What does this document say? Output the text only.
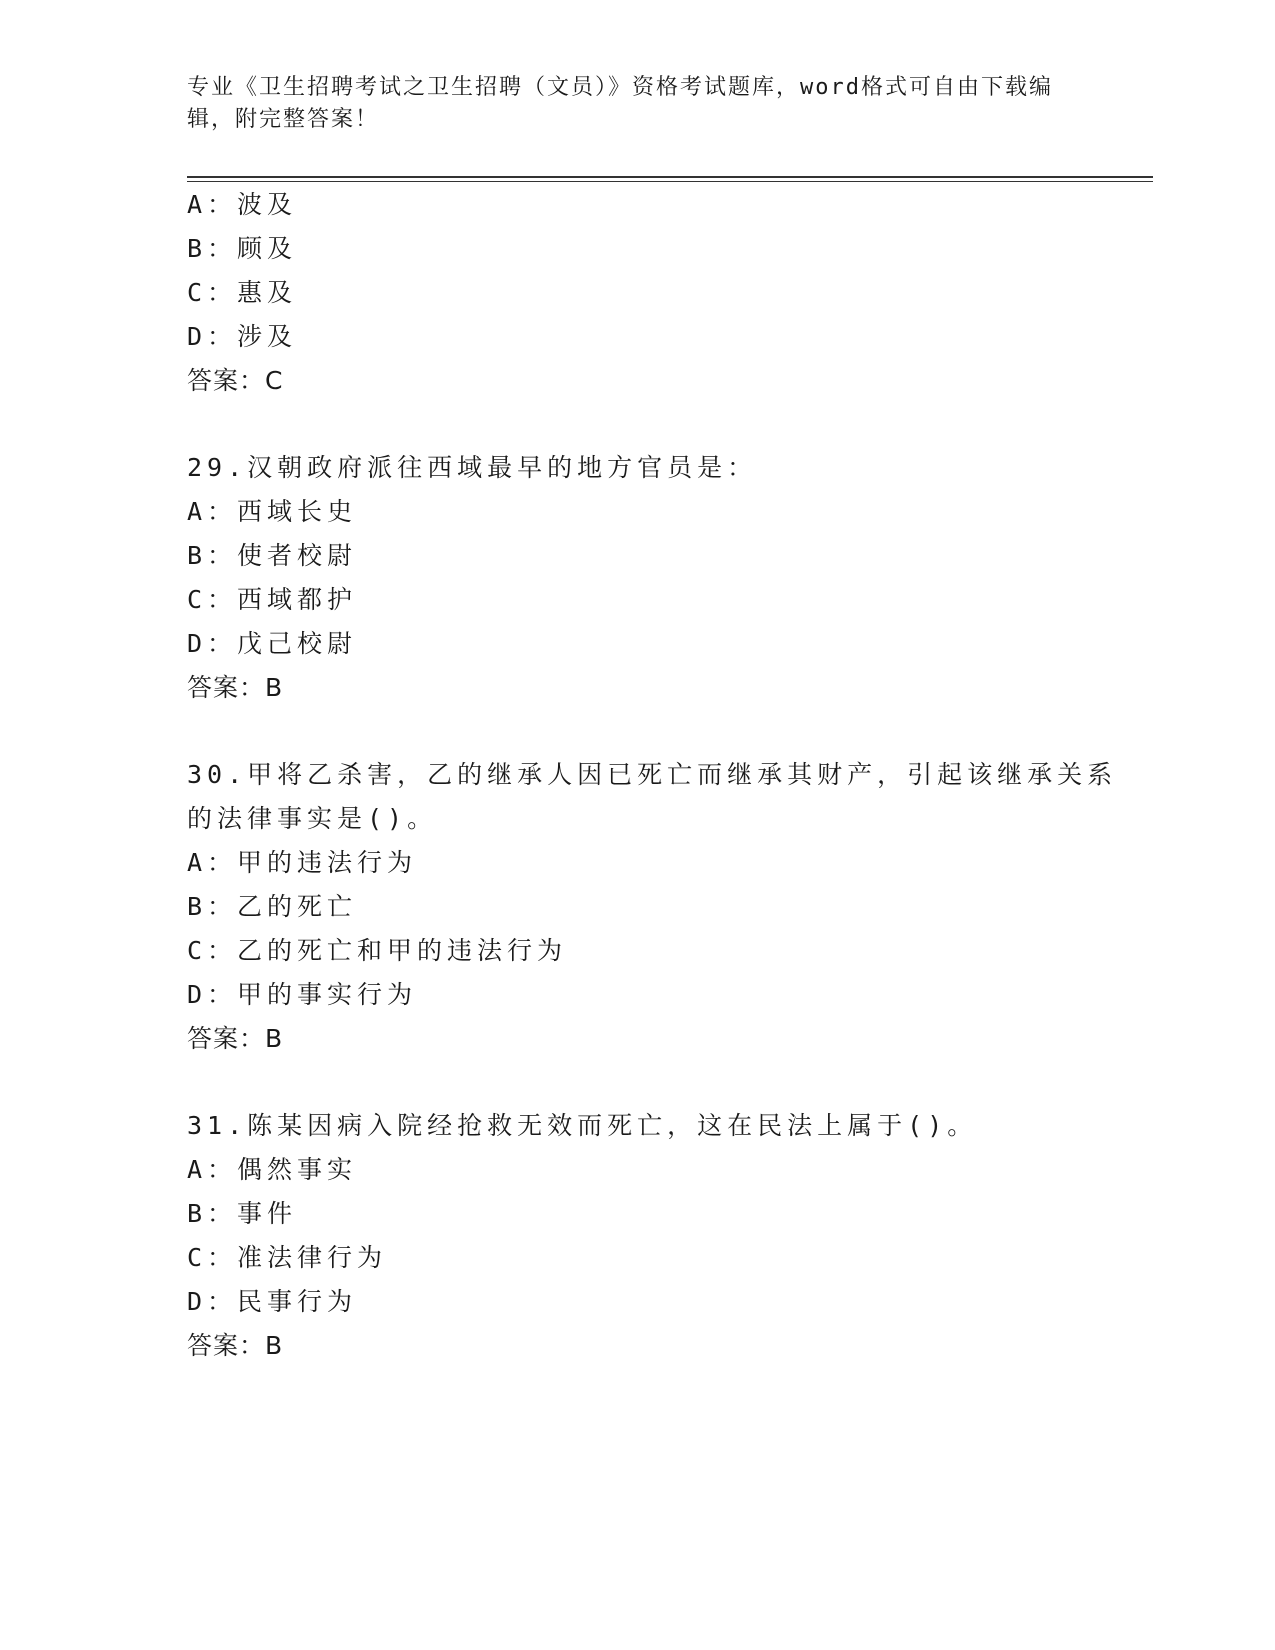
专业《卫生招聘考试之卫生招聘（文员）》资格考试题库，word格式可自由下载编辑，附完整答案！
A：波及
B：顾及
C：惠及
D：涉及
答案：C
29.汉朝政府派往西域最早的地方官员是：
A：西域长史
B：使者校尉
C：西域都护
D：戊己校尉
答案：B
30.甲将乙杀害，乙的继承人因已死亡而继承其财产，引起该继承关系
的法律事实是()。
A：甲的违法行为
B：乙的死亡
C：乙的死亡和甲的违法行为
D：甲的事实行为
答案：B
31.陈某因病入院经抢救无效而死亡，这在民法上属于()。
A：偶然事实
B：事件
C：准法律行为
D：民事行为
答案：B
